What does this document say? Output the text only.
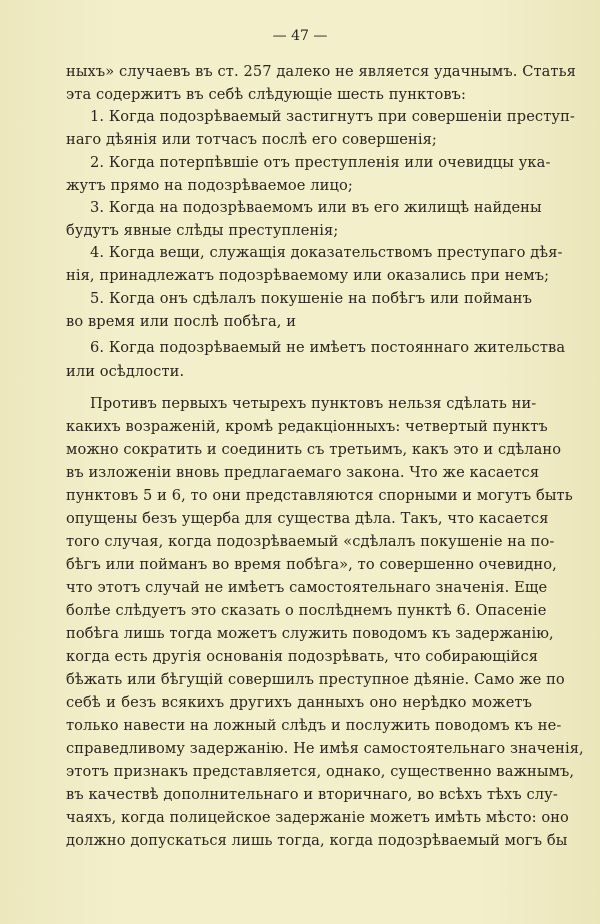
— 47 —
ныхъ» случаевъ въ ст. 257 далеко не является удачнымъ. Статья
эта содержитъ въ себѣ слѣдующіе шесть пунктовъ:
1. Когда подозрѣваемый застигнутъ при совершеніи преступ-
наго дѣянія или тотчасъ послѣ его совершенія;
2. Когда потерпѣвшіе отъ преступленія или очевидцы ука-
жутъ прямо на подозрѣваемое лицо;
3. Когда на подозрѣваемомъ или въ его жилищѣ найдены
будутъ явные слѣды преступленія;
4. Когда вещи, служащія доказательствомъ преступаго дѣя-
нія, принадлежатъ подозрѣваемому или оказались при немъ;
5. Когда онъ сдѣлалъ покушеніе на побѣгъ или пойманъ
во время или послѣ побѣга, и
6. Когда подозрѣваемый не имѣетъ постояннаго жительства
или осѣдлости.
Противъ первыхъ четырехъ пунктовъ нельзя сдѣлать ни-
какихъ возраженій, кромѣ редакціонныхъ: четвертый пунктъ
можно сократить и соединить съ третьимъ, какъ это и сдѣлано
въ изложеніи вновь предлагаемаго закона. Что же касается
пунктовъ 5 и 6, то они представляются спорными и могутъ быть
опущены безъ ущерба для существа дѣла. Такъ, что касается
того случая, когда подозрѣваемый «сдѣлалъ покушеніе на по-
бѣгъ или пойманъ во время побѣга», то совершенно очевидно,
что этотъ случай не имѣетъ самостоятельнаго значенія. Еще
болѣе слѣдуетъ это сказать о послѣднемъ пунктѣ 6. Опасеніе
побѣга лишь тогда можетъ служить поводомъ къ задержанію,
когда есть другія основанія подозрѣвать, что собирающійся
бѣжать или бѣгущій совершилъ преступное дѣяніе. Само же по
себѣ и безъ всякихъ другихъ данныхъ оно нерѣдко можетъ
только навести на ложный слѣдъ и послужить поводомъ къ не-
справедливому задержанію. Не имѣя самостоятельнаго значенія,
этотъ признакъ представляется, однако, существенно важнымъ,
въ качествѣ дополнительнаго и вторичнаго, во всѣхъ тѣхъ слу-
чаяхъ, когда полицейское задержаніе можетъ имѣть мѣсто: оно
должно допускаться лишь тогда, когда подозрѣваемый могъ бы
